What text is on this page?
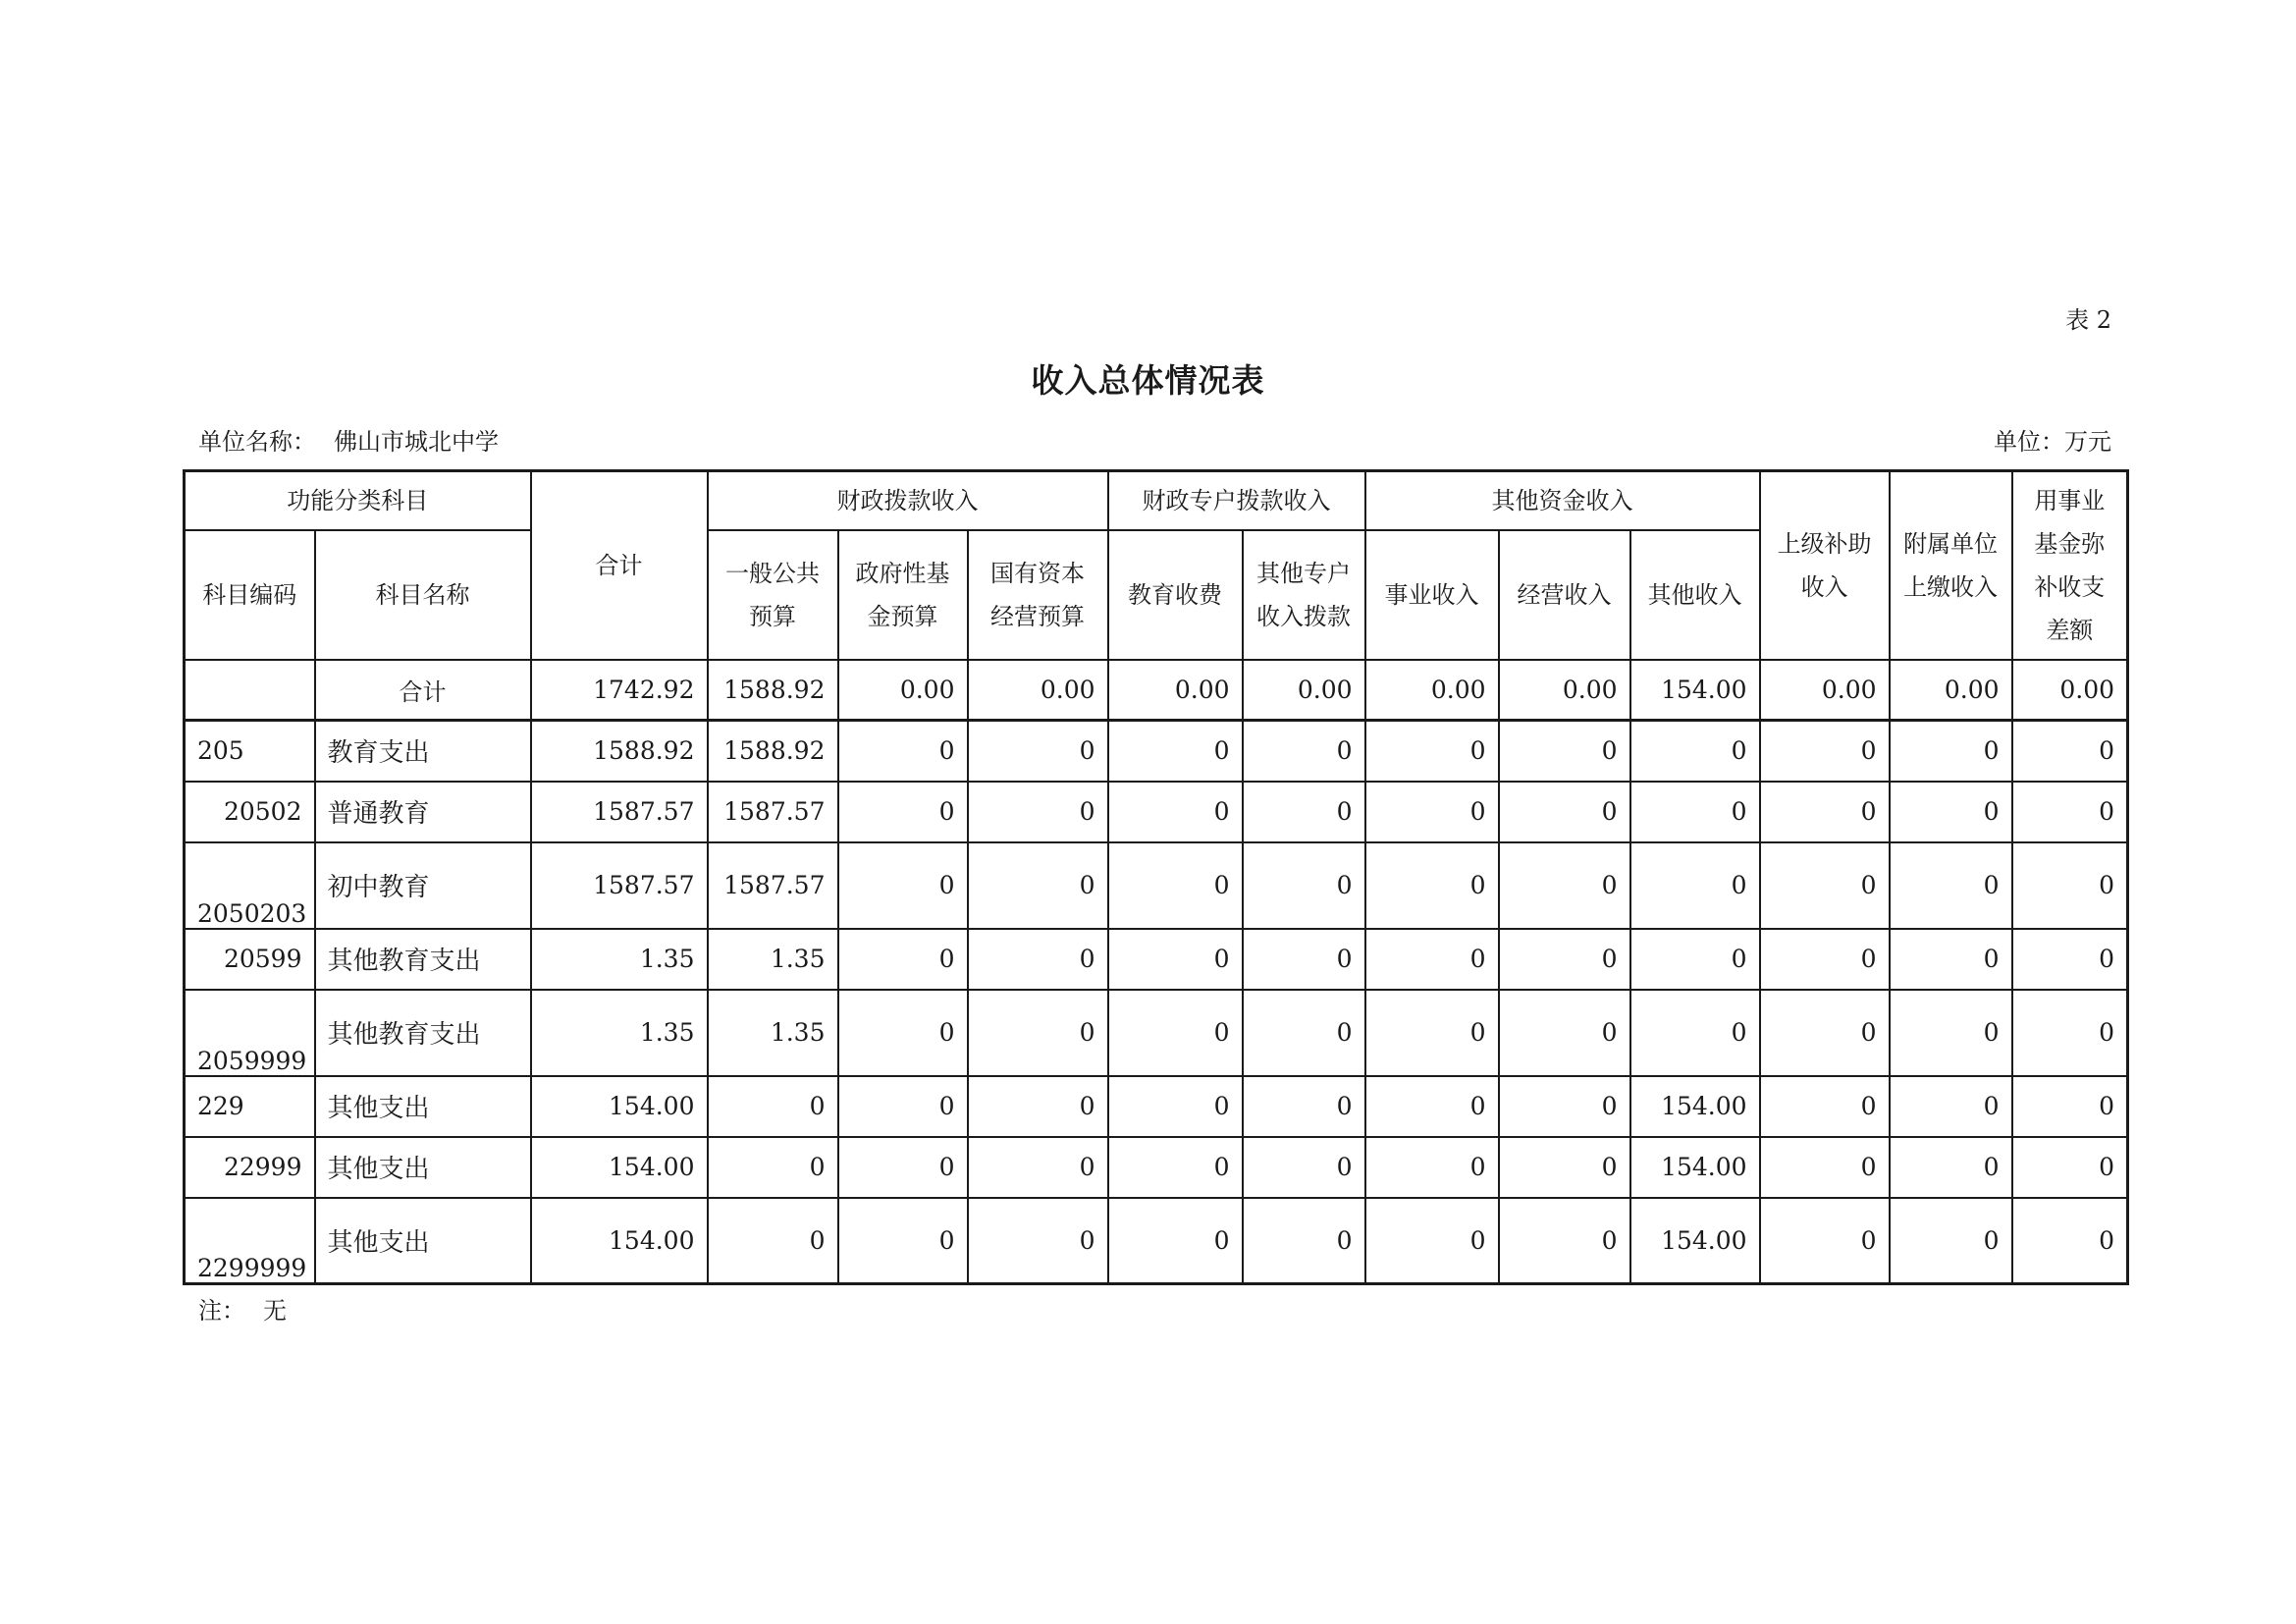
表 2
收入总体情况表
单位名称： 佛山市城北中学	单位：万元
功能分类科目		合计	财政拨款收入			财政专户拨款收入		其他资金收入			上级补助收入	附属单位上缴收入	用事业基金弥补收支差额
科目编码	科目名称		一般公共预算	政府性基金预算	国有资本经营预算	教育收费	其他专户收入拨款	事业收入	经营收入	其他收入			
	合计	1742.92	1588.92	0.00	0.00	0.00	0.00	0.00	0.00	154.00	0.00	0.00	0.00
205	教育支出	1588.92	1588.92	0	0	0	0	0	0	0	0	0	0
20502	普通教育	1587.57	1587.57	0	0	0	0	0	0	0	0	0	0
2050203	初中教育	1587.57	1587.57	0	0	0	0	0	0	0	0	0	0
20599	其他教育支出	1.35	1.35	0	0	0	0	0	0	0	0	0	0
2059999	其他教育支出	1.35	1.35	0	0	0	0	0	0	0	0	0	0
229	其他支出	154.00	0	0	0	0	0	0	0	154.00	0	0	0
22999	其他支出	154.00	0	0	0	0	0	0	0	154.00	0	0	0
2299999	其他支出	154.00	0	0	0	0	0	0	0	154.00	0	0	0
注： 无
